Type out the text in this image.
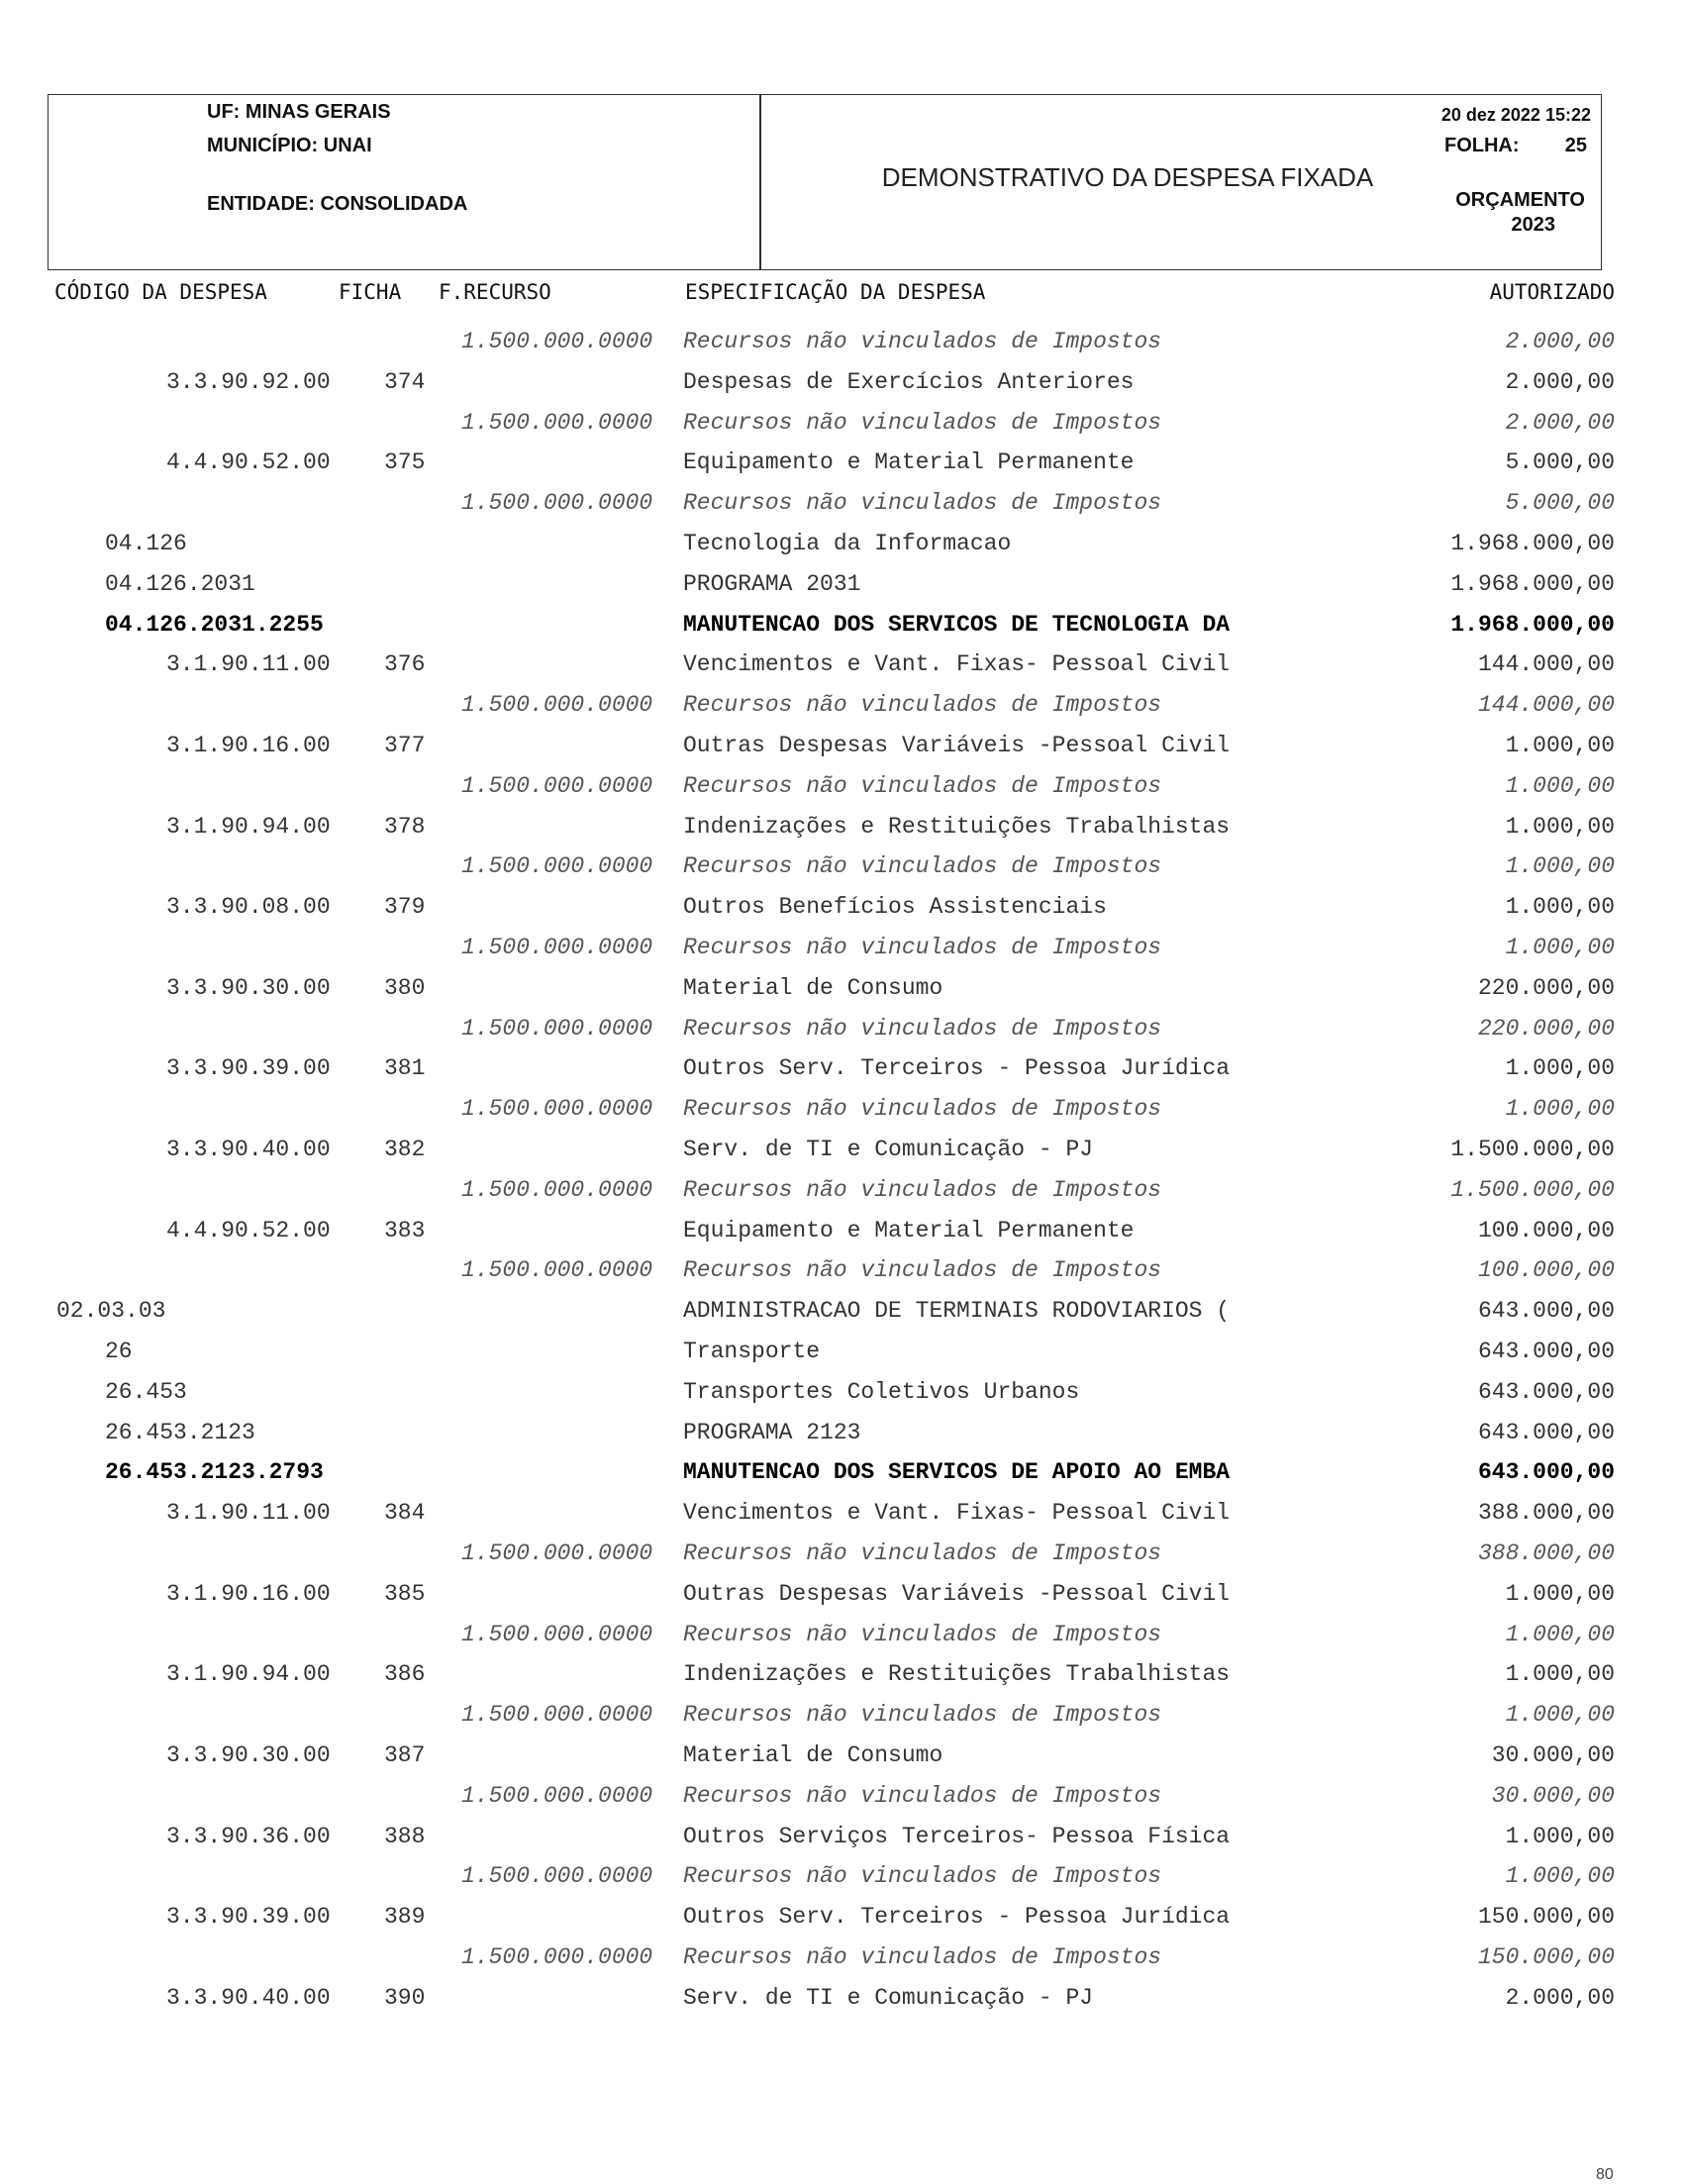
UF: MINAS GERAIS
MUNICÍPIO: UNAI
ENTIDADE: CONSOLIDADA
DEMONSTRATIVO DA DESPESA FIXADA
20 dez 2022 15:22
FOLHA: 25
ORÇAMENTO
2023
CÓDIGO DA DESPESA	FICHA F.RECURSO	ESPECIFICAÇÃO DA DESPESA	AUTORIZADO
1.500.000.0000 Recursos não vinculados de Impostos	2.000,00
3.3.90.92.00 374	Despesas de Exercícios Anteriores	2.000,00
1.500.000.0000 Recursos não vinculados de Impostos	2.000,00
4.4.90.52.00 375	Equipamento e Material Permanente	5.000,00
1.500.000.0000 Recursos não vinculados de Impostos	5.000,00
04.126	Tecnologia da Informacao	1.968.000,00
04.126.2031	PROGRAMA 2031	1.968.000,00
04.126.2031.2255	MANUTENCAO DOS SERVICOS DE TECNOLOGIA DA	1.968.000,00
3.1.90.11.00 376	Vencimentos e Vant. Fixas- Pessoal Civil	144.000,00
1.500.000.0000 Recursos não vinculados de Impostos	144.000,00
3.1.90.16.00 377	Outras Despesas Variáveis -Pessoal Civil	1.000,00
1.500.000.0000 Recursos não vinculados de Impostos	1.000,00
3.1.90.94.00 378	Indenizações e Restituições Trabalhistas	1.000,00
1.500.000.0000 Recursos não vinculados de Impostos	1.000,00
3.3.90.08.00 379	Outros Benefícios Assistenciais	1.000,00
1.500.000.0000 Recursos não vinculados de Impostos	1.000,00
3.3.90.30.00 380	Material de Consumo	220.000,00
1.500.000.0000 Recursos não vinculados de Impostos	220.000,00
3.3.90.39.00 381	Outros Serv. Terceiros - Pessoa Jurídica	1.000,00
1.500.000.0000 Recursos não vinculados de Impostos	1.000,00
3.3.90.40.00 382	Serv. de TI e Comunicação - PJ	1.500.000,00
1.500.000.0000 Recursos não vinculados de Impostos	1.500.000,00
4.4.90.52.00 383	Equipamento e Material Permanente	100.000,00
1.500.000.0000 Recursos não vinculados de Impostos	100.000,00
02.03.03	ADMINISTRACAO DE TERMINAIS RODOVIARIOS (	643.000,00
26	Transporte	643.000,00
26.453	Transportes Coletivos Urbanos	643.000,00
26.453.2123	PROGRAMA 2123	643.000,00
26.453.2123.2793	MANUTENCAO DOS SERVICOS DE APOIO AO EMBA	643.000,00
3.1.90.11.00 384	Vencimentos e Vant. Fixas- Pessoal Civil	388.000,00
1.500.000.0000 Recursos não vinculados de Impostos	388.000,00
3.1.90.16.00 385	Outras Despesas Variáveis -Pessoal Civil	1.000,00
1.500.000.0000 Recursos não vinculados de Impostos	1.000,00
3.1.90.94.00 386	Indenizações e Restituições Trabalhistas	1.000,00
1.500.000.0000 Recursos não vinculados de Impostos	1.000,00
3.3.90.30.00 387	Material de Consumo	30.000,00
1.500.000.0000 Recursos não vinculados de Impostos	30.000,00
3.3.90.36.00 388	Outros Serviços Terceiros- Pessoa Física	1.000,00
1.500.000.0000 Recursos não vinculados de Impostos	1.000,00
3.3.90.39.00 389	Outros Serv. Terceiros - Pessoa Jurídica	150.000,00
1.500.000.0000 Recursos não vinculados de Impostos	150.000,00
3.3.90.40.00 390	Serv. de TI e Comunicação - PJ	2.000,00
80
